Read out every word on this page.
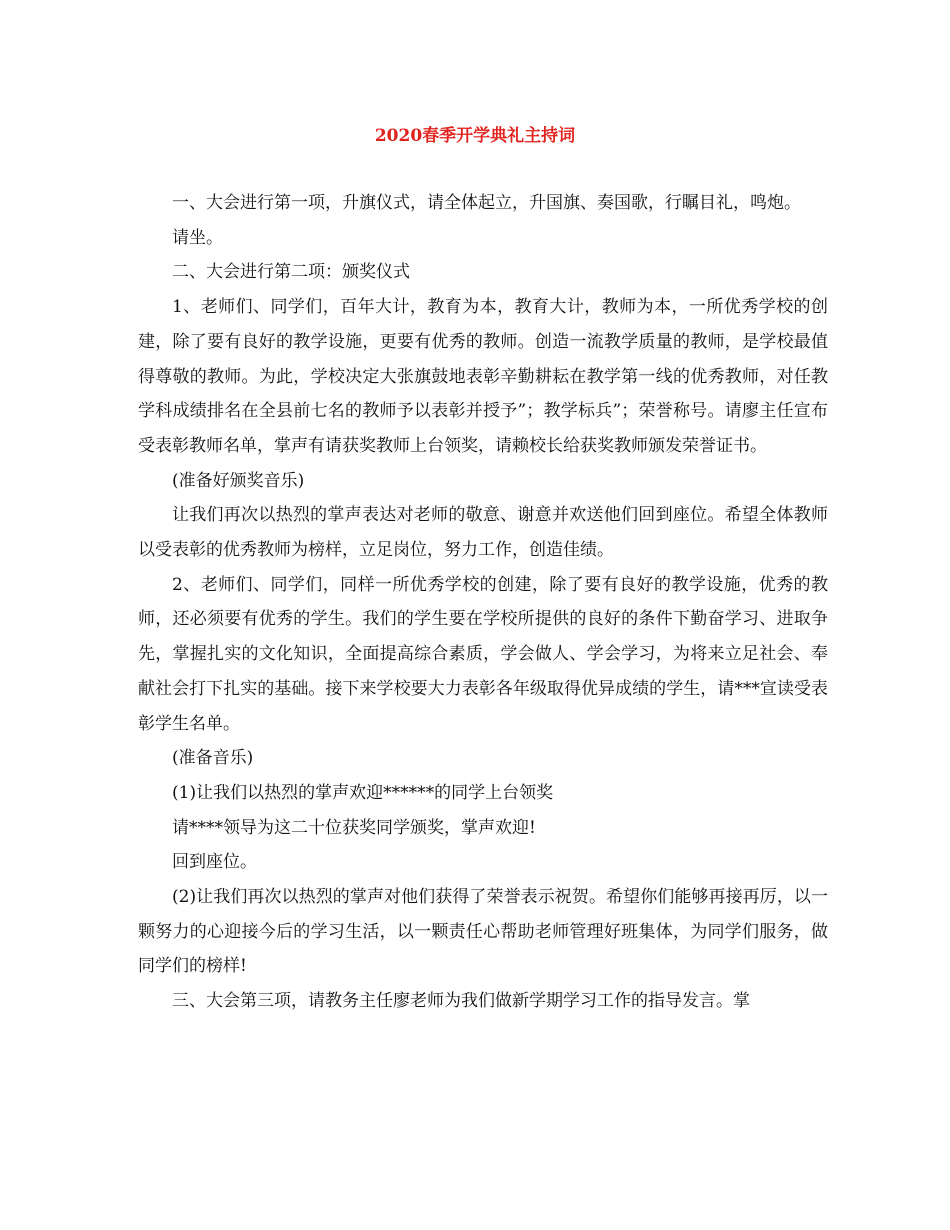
2020春季开学典礼主持词

一、大会进行第一项，升旗仪式，请全体起立，升国旗、奏国歌，行瞩目礼，鸣炮。

请坐。

二、大会进行第二项：颁奖仪式

1、老师们、同学们，百年大计，教育为本，教育大计，教师为本，一所优秀学校的创建，除了要有良好的教学设施，更要有优秀的教师。创造一流教学质量的教师，是学校最值得尊敬的教师。为此，学校决定大张旗鼓地表彰辛勤耕耘在教学第一线的优秀教师，对任教学科成绩排名在全县前七名的教师予以表彰并授予”；教学标兵”；荣誉称号。请廖主任宣布受表彰教师名单，掌声有请获奖教师上台领奖，请赖校长给获奖教师颁发荣誉证书。

(准备好颁奖音乐)

让我们再次以热烈的掌声表达对老师的敬意、谢意并欢送他们回到座位。希望全体教师以受表彰的优秀教师为榜样，立足岗位，努力工作，创造佳绩。

2、老师们、同学们，同样一所优秀学校的创建，除了要有良好的教学设施，优秀的教师，还必须要有优秀的学生。我们的学生要在学校所提供的良好的条件下勤奋学习、进取争先，掌握扎实的文化知识，全面提高综合素质，学会做人、学会学习，为将来立足社会、奉献社会打下扎实的基础。接下来学校要大力表彰各年级取得优异成绩的学生，请***宣读受表彰学生名单。

(准备音乐)

(1)让我们以热烈的掌声欢迎******的同学上台领奖

请****领导为这二十位获奖同学颁奖，掌声欢迎!

回到座位。

(2)让我们再次以热烈的掌声对他们获得了荣誉表示祝贺。希望你们能够再接再厉，以一颗努力的心迎接今后的学习生活，以一颗责任心帮助老师管理好班集体，为同学们服务，做同学们的榜样!

三、大会第三项，请教务主任廖老师为我们做新学期学习工作的指导发言。掌
